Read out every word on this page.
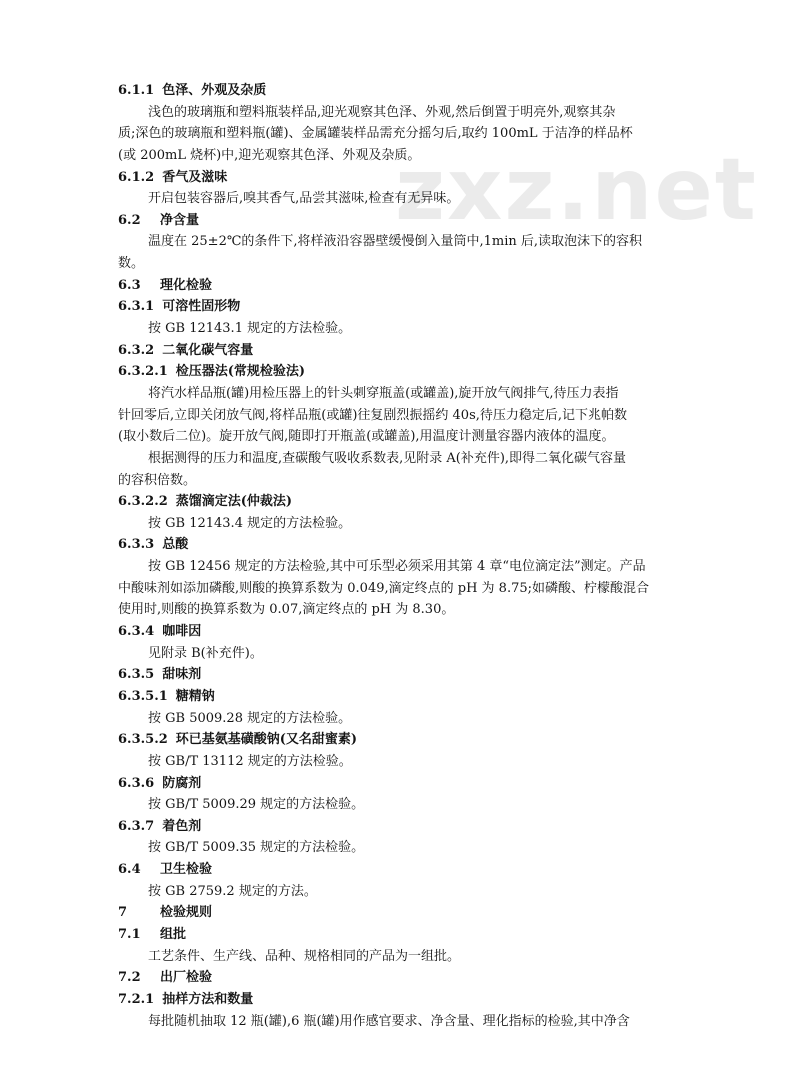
zxz.net
6.1.1 色泽、外观及杂质
浅色的玻璃瓶和塑料瓶装样品,迎光观察其色泽、外观,然后倒置于明亮外,观察其杂
质;深色的玻璃瓶和塑料瓶(罐)、金属罐装样品需充分摇匀后,取约 100mL 于洁净的样品杯
(或 200mL 烧杯)中,迎光观察其色泽、外观及杂质。
6.1.2 香气及滋味
开启包装容器后,嗅其香气,品尝其滋味,检查有无异味。
6.2 净含量
温度在 25±2℃的条件下,将样液沿容器壁缓慢倒入量筒中,1min 后,读取泡沫下的容积
数。
6.3 理化检验
6.3.1 可溶性固形物
按 GB 12143.1 规定的方法检验。
6.3.2 二氧化碳气容量
6.3.2.1 检压器法(常规检验法)
将汽水样品瓶(罐)用检压器上的针头刺穿瓶盖(或罐盖),旋开放气阀排气,待压力表指
针回零后,立即关闭放气阀,将样品瓶(或罐)往复剧烈振摇约 40s,待压力稳定后,记下兆帕数
(取小数后二位)。旋开放气阀,随即打开瓶盖(或罐盖),用温度计测量容器内液体的温度。
根据测得的压力和温度,查碳酸气吸收系数表,见附录 A(补充件),即得二氧化碳气容量
的容积倍数。
6.3.2.2 蒸馏滴定法(仲裁法)
按 GB 12143.4 规定的方法检验。
6.3.3 总酸
按 GB 12456 规定的方法检验,其中可乐型必须采用其第 4 章“电位滴定法”测定。产品
中酸味剂如添加磷酸,则酸的换算系数为 0.049,滴定终点的 pH 为 8.75;如磷酸、柠檬酸混合
使用时,则酸的换算系数为 0.07,滴定终点的 pH 为 8.30。
6.3.4 咖啡因
见附录 B(补充件)。
6.3.5 甜味剂
6.3.5.1 糖精钠
按 GB 5009.28 规定的方法检验。
6.3.5.2 环已基氨基磺酸钠(又名甜蜜素)
按 GB/T 13112 规定的方法检验。
6.3.6 防腐剂
按 GB/T 5009.29 规定的方法检验。
6.3.7 着色剂
按 GB/T 5009.35 规定的方法检验。
6.4 卫生检验
按 GB 2759.2 规定的方法。
7	检验规则
7.1 组批
工艺条件、生产线、品种、规格相同的产品为一组批。
7.2 出厂检验
7.2.1 抽样方法和数量
每批随机抽取 12 瓶(罐),6 瓶(罐)用作感官要求、净含量、理化指标的检验,其中净含
